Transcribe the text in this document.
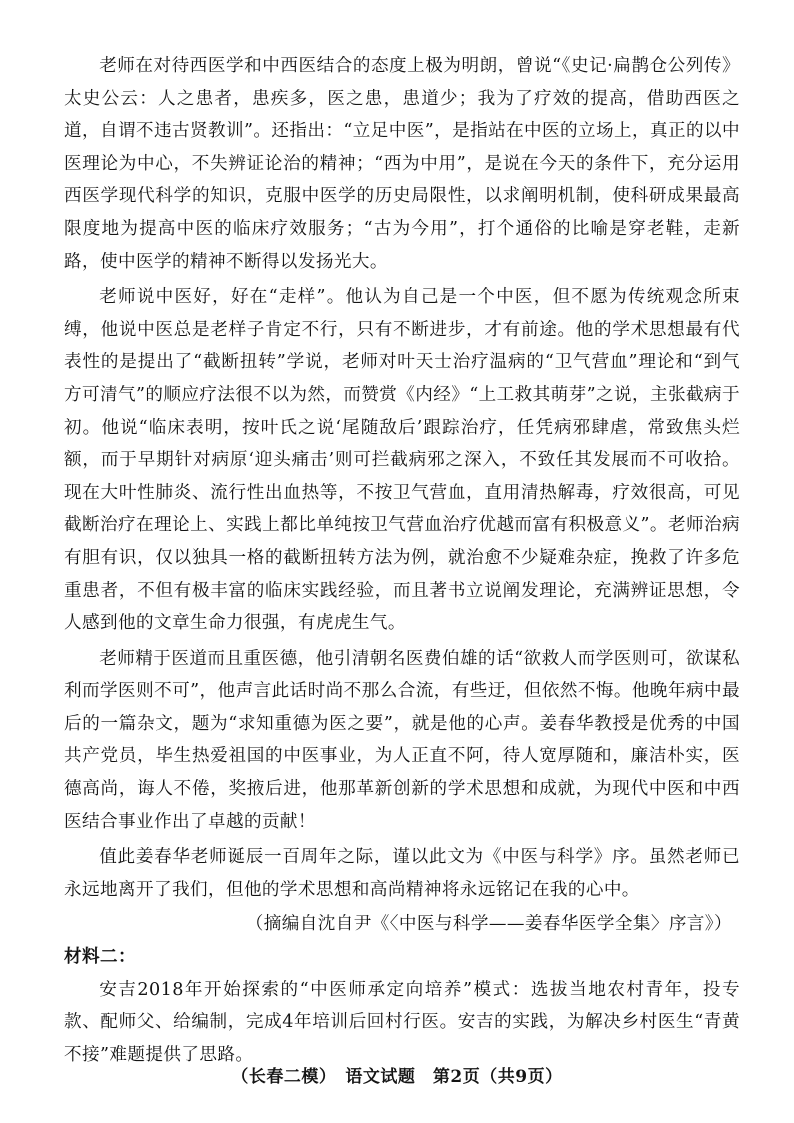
老师在对待西医学和中西医结合的态度上极为明朗，曾说“《史记·扁鹊仓公列传》太史公云：人之患者，患疾多，医之患，患道少；我为了疗效的提高，借助西医之道，自谓不违古贤教训”。还指出：“立足中医”，是指站在中医的立场上，真正的以中医理论为中心，不失辨证论治的精神；“西为中用”，是说在今天的条件下，充分运用西医学现代科学的知识，克服中医学的历史局限性，以求阐明机制，使科研成果最高限度地为提高中医的临床疗效服务；“古为今用”，打个通俗的比喻是穿老鞋，走新路，使中医学的精神不断得以发扬光大。

老师说中医好，好在“走样”。他认为自己是一个中医，但不愿为传统观念所束缚，他说中医总是老样子肯定不行，只有不断进步，才有前途。他的学术思想最有代表性的是提出了“截断扭转”学说，老师对叶天士治疗温病的“卫气营血”理论和“到气方可清气”的顺应疗法很不以为然，而赞赏《内经》“上工救其萌芽”之说，主张截病于初。他说“临床表明，按叶氏之说‘尾随敌后’跟踪治疗，任凭病邪肆虐，常致焦头烂额，而于早期针对病原‘迎头痛击’则可拦截病邪之深入，不致任其发展而不可收拾。现在大叶性肺炎、流行性出血热等，不按卫气营血，直用清热解毒，疗效很高，可见截断治疗在理论上、实践上都比单纯按卫气营血治疗优越而富有积极意义”。老师治病有胆有识，仅以独具一格的截断扭转方法为例，就治愈不少疑难杂症，挽救了许多危重患者，不但有极丰富的临床实践经验，而且著书立说阐发理论，充满辨证思想，令人感到他的文章生命力很强，有虎虎生气。

老师精于医道而且重医德，他引清朝名医费伯雄的话“欲救人而学医则可，欲谋私利而学医则不可”，他声言此话时尚不那么合流，有些迂，但依然不悔。他晚年病中最后的一篇杂文，题为“求知重德为医之要”，就是他的心声。姜春华教授是优秀的中国共产党员，毕生热爱祖国的中医事业，为人正直不阿，待人宽厚随和，廉洁朴实，医德高尚，诲人不倦，奖掖后进，他那革新创新的学术思想和成就，为现代中医和中西医结合事业作出了卓越的贡献！

值此姜春华老师诞辰一百周年之际，谨以此文为《中医与科学》序。虽然老师已永远地离开了我们，但他的学术思想和高尚精神将永远铭记在我的心中。

（摘编自沈自尹《〈中医与科学——姜春华医学全集〉序言》）

材料二：

安吉2018年开始探索的“中医师承定向培养”模式：选拔当地农村青年，投专款、配师父、给编制，完成4年培训后回村行医。安吉的实践，为解决乡村医生“青黄不接”难题提供了思路。

（长春二模）　语文试题　第2页（共9页）
